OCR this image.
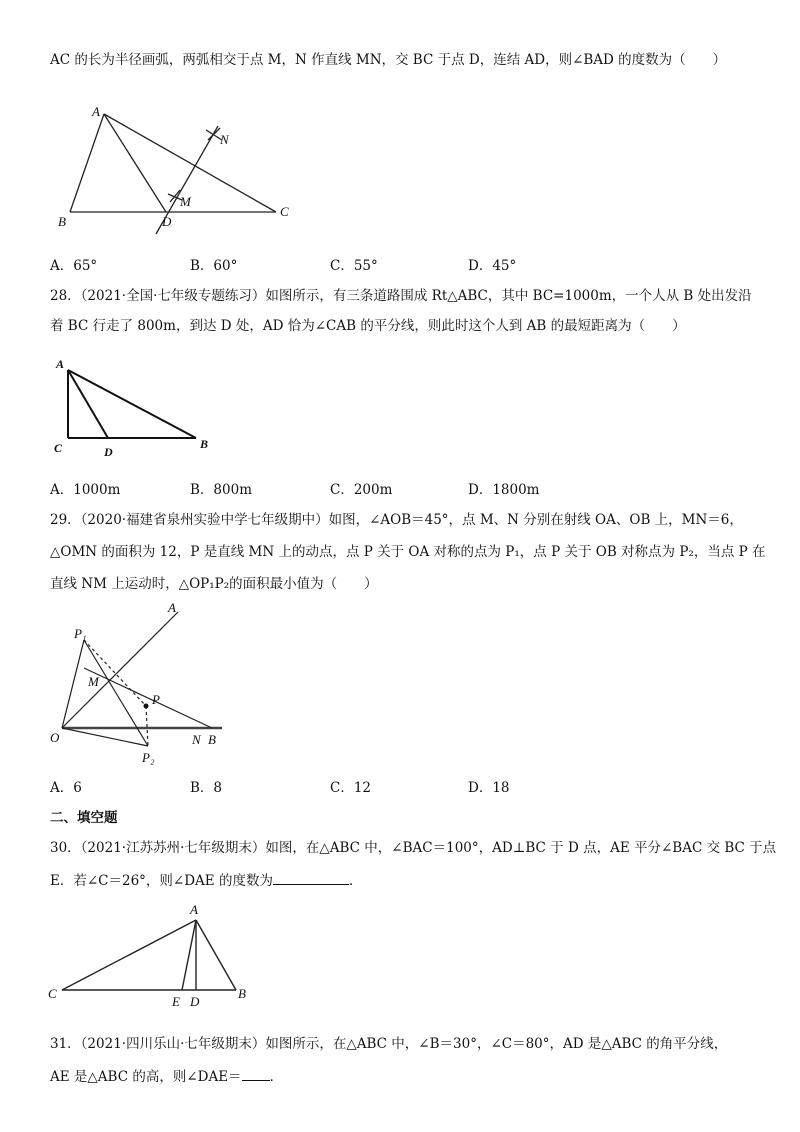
AC 的长为半径画弧，两弧相交于点 M，N 作直线 MN，交 BC 于点 D，连结 AD，则∠BAD 的度数为（　　）
A
B
C
D
M
N
A．65°	B．60°	C．55°	D．45°
28．（2021·全国·七年级专题练习）如图所示，有三条道路围成 Rt△ABC，其中 BC=1000m，一个人从 B 处出发沿
着 BC 行走了 800m，到达 D 处，AD 恰为∠CAB 的平分线，则此时这个人到 AB 的最短距离为（　　）
A
C	D
B
A．1000m	B．800m	C．200m	D．1800m
29．（2020·福建省泉州实验中学七年级期中）如图，∠AOB＝45°，点 M、N 分别在射线 OA、OB 上，MN＝6，
△OMN 的面积为 12，P 是直线 MN 上的动点，点 P 关于 OA 对称的点为 P₁，点 P 关于 OB 对称点为 P₂，当点 P 在
直线 NM 上运动时，△OP₁P₂的面积最小值为（　　）
A
P₁
M
P
O	N B
P₂
A．6	B．8	C．12	D．18
二、填空题
30．（2021·江苏苏州·七年级期末）如图，在△ABC 中，∠BAC＝100°，AD⊥BC 于 D 点，AE 平分∠BAC 交 BC 于点
E．若∠C＝26°，则∠DAE 的度数为	．
A
C
E D
B
31．（2021·四川乐山·七年级期末）如图所示，在△ABC 中，∠B＝30°，∠C＝80°，AD 是△ABC 的角平分线，
AE 是△ABC 的高，则∠DAE＝ ．
